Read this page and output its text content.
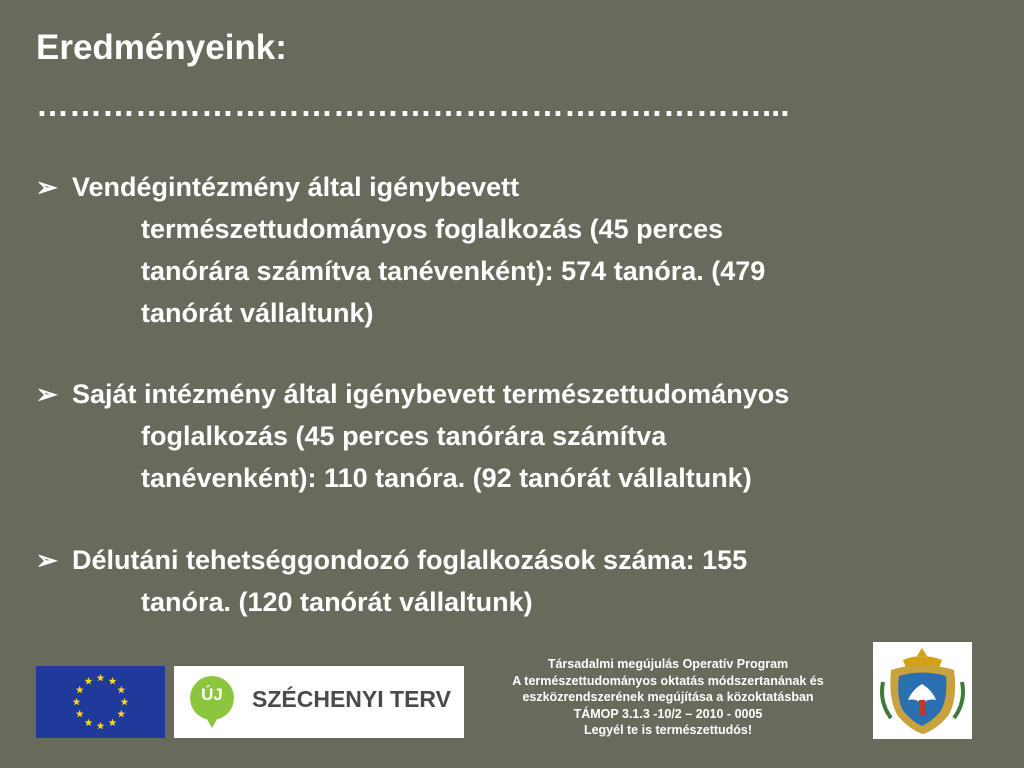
Eredményeink:
…………………………………………………………...
➢ Vendégintézmény által igénybevett
természettudományos foglalkozás (45 perces
tanórára számítva tanévenként): 574 tanóra. (479
tanórát vállaltunk)
➢ Saját intézmény által igénybevett természettudományos
foglalkozás (45 perces tanórára számítva
tanévenként): 110 tanóra. (92 tanórát vállaltunk)
➢ Délutáni tehetséggondozó foglalkozások száma: 155
tanóra. (120 tanórát vállaltunk)
ÚJ	SZÉCHENYI TERV
Társadalmi megújulás Operatív Program
A természettudományos oktatás módszertanának és
eszközrendszerének megújítása a közoktatásban
TÁMOP 3.1.3 -10/2 – 2010 - 0005
Legyél te is természettudós!
